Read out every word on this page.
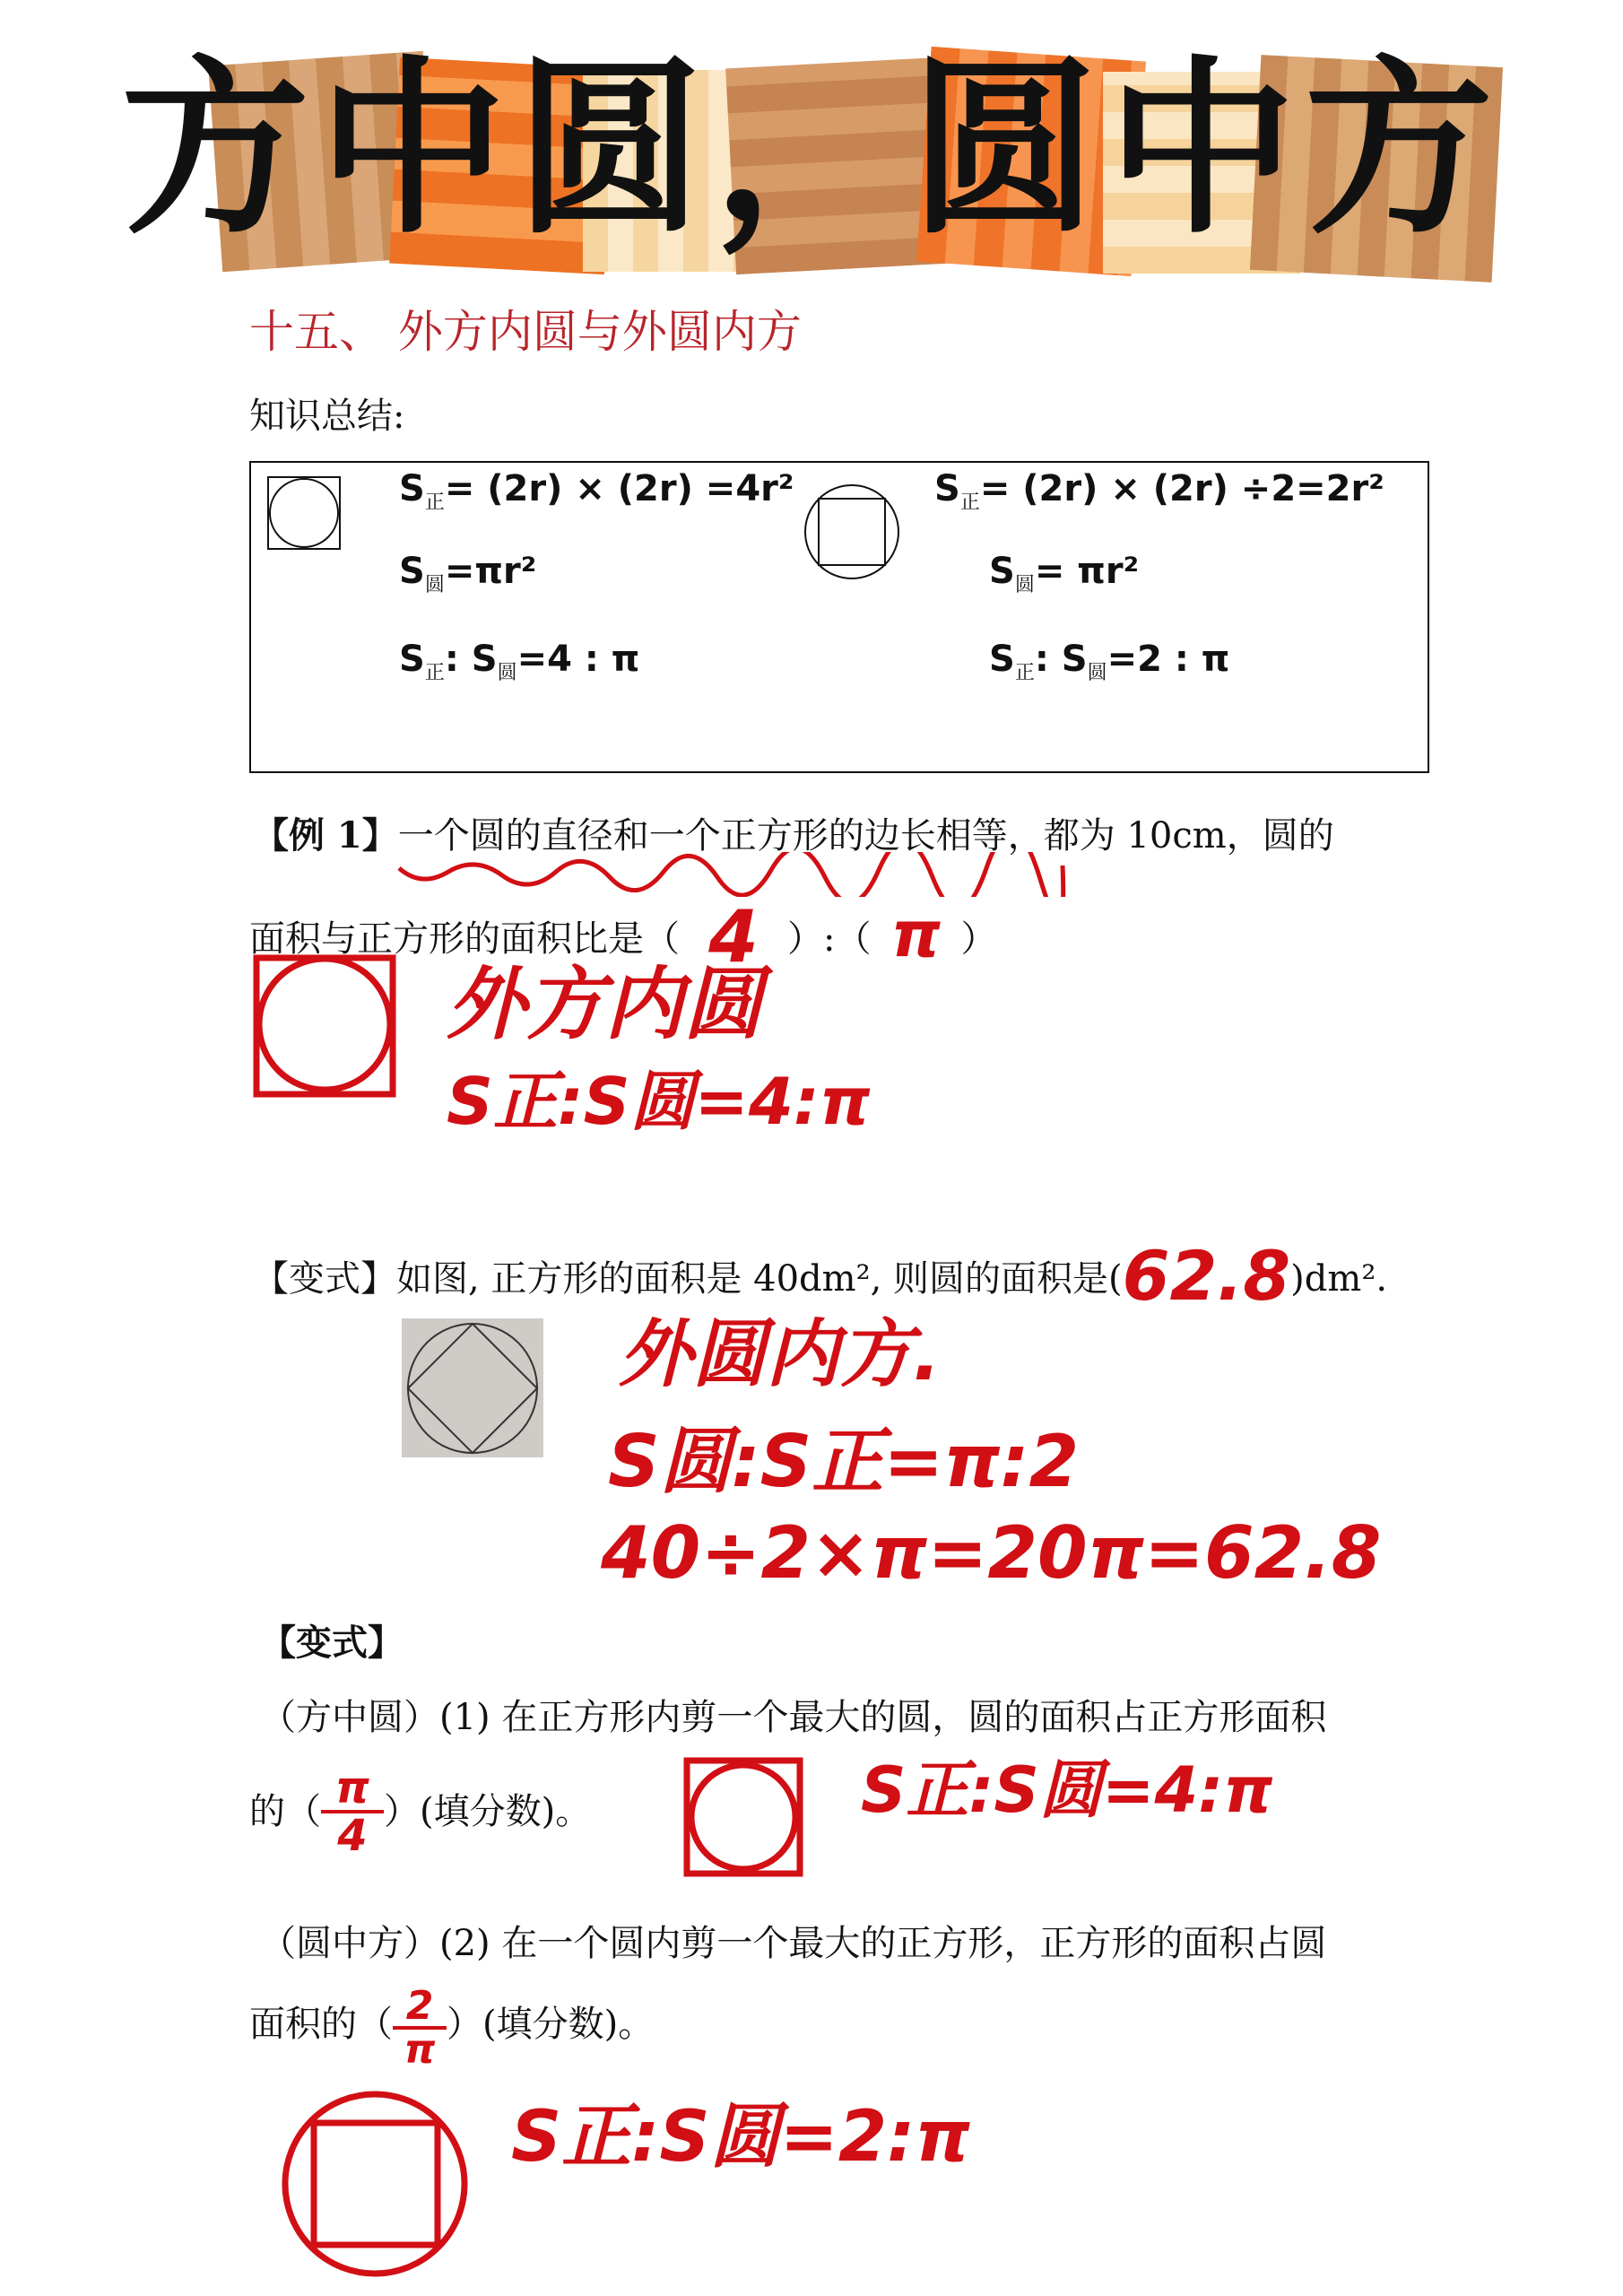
方中圆，圆中方
十五、 外方内圆与外圆内方
知识总结:
$S_正= (2r) \times (2r) =4r^2$
$S_圆=\pi r^2$
$S_正$: $S_圆=4$ : π
$S_正= (2r) \times (2r) \div 2=2r^2$
$S_圆= \pi r^2$
$S_正$: $S_圆=2$ : π
【例 1】一个圆的直径和一个正方形的边长相等，都为 10cm，圆的
面积与正方形的面积比是（ 4 ）:（ π ）
外方内圆
S正:S圆=4:π
【变式】如图, 正方形的面积是 40dm², 则圆的面积是(62.8)dm².
外圆内方.
S圆:S正=π:2
40÷2×π=20π=62.8
【变式】
（方中圆）(1) 在正方形内剪一个最大的圆，圆的面积占正方形面积
的（ $\frac{\pi}{4}$ ）(填分数)。	S正:S圆=4:π
（圆中方）(2) 在一个圆内剪一个最大的正方形，正方形的面积占圆
面积的（ $\frac{2}{\pi}$ ）(填分数)。
S正:S圆=2:π
